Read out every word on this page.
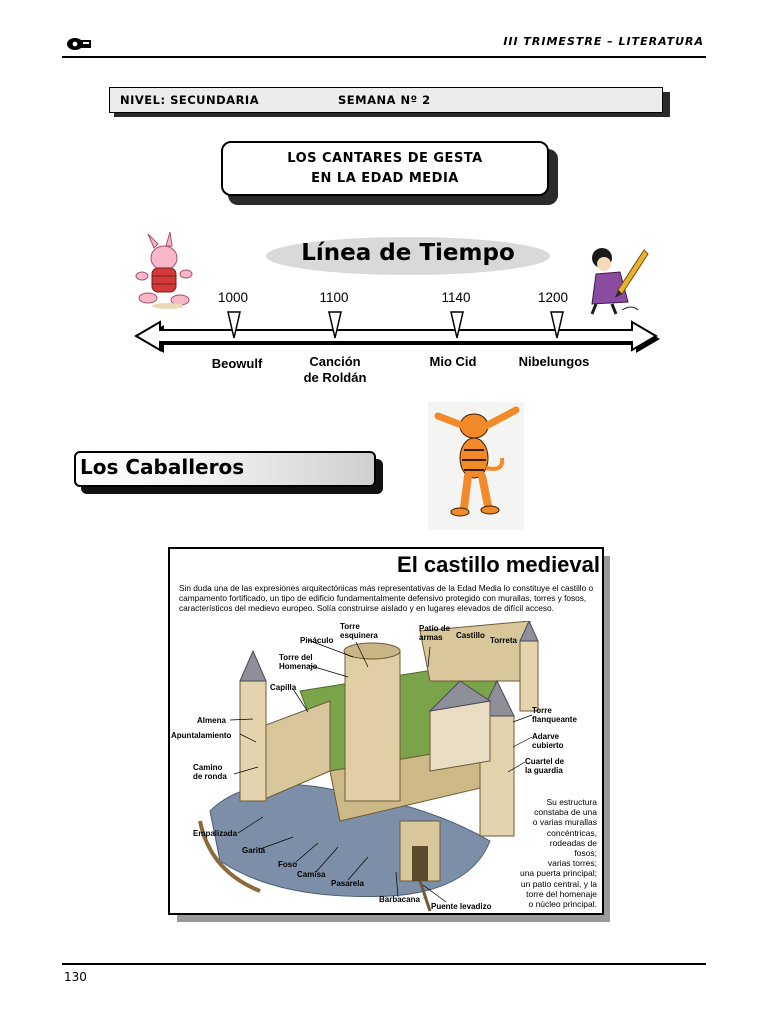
III TRIMESTRE – LITERATURA
NIVEL: SECUNDARIA	SEMANA Nº 2
LOS CANTARES DE GESTA
EN LA EDAD MEDIA
Línea de Tiempo
1000	1100	1140	1200
Beowulf	Canción
de Roldán
Mio Cid	Nibelungos
Los Caballeros
El castillo medieval
Sin duda una de las expresiones arquitectónicas más representativas de la Edad Media lo constituye el castillo o campamento fortificado, un tipo de edificio fundamentalmente defensivo protegido con murallas, torres y fosos, característicos del medievo europeo. Solía construirse aislado y en lugares elevados de difícil acceso.
Torre
esquinera
Patio de
armas	Castillo
Torreta
Pináculo
Torre del
Homenaje
Capilla
Almena
Apuntalamiento
Camino
de ronda
Torre
flanqueante
Adarve
cubierto
Cuartel de
la guardia
Empalizada
Garita
Foso
Camisa
Pasarela
Barbacana
Puente levadizo
Su estructura
constaba de una
o varias murallas
concéntricas,
rodeadas de
fosos;
varias torres;
una puerta principal;
un patio central, y la
torre del homenaje
o núcleo principal.
130
